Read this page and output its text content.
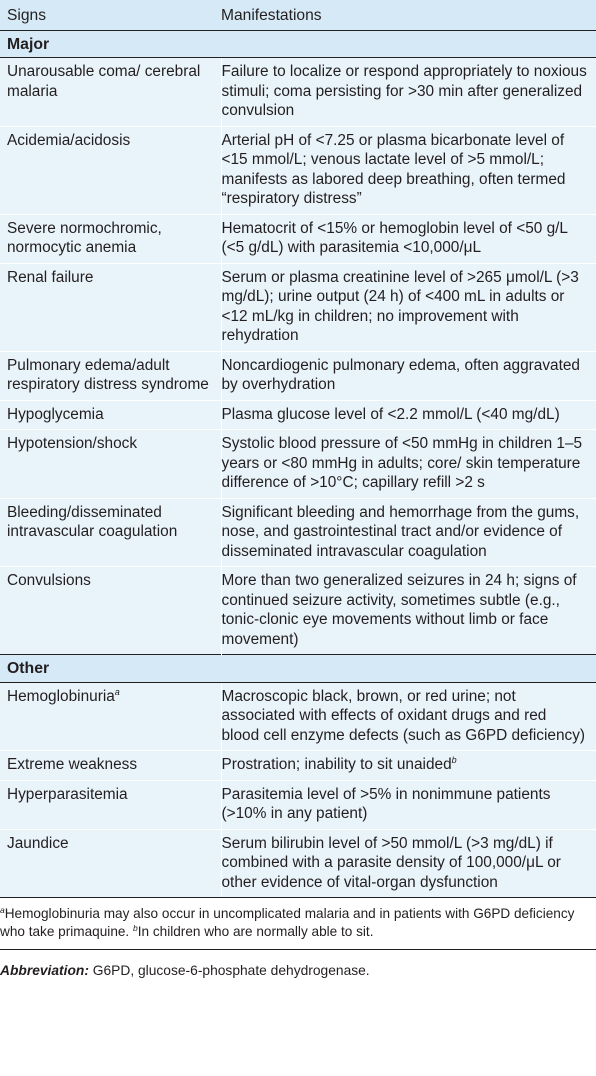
Signs	Manifestations
Major	
Unarousable coma/ cerebral malaria	Failure to localize or respond appropriately to noxious stimuli; coma persisting for >30 min after generalized convulsion
Acidemia/acidosis	Arterial pH of <7.25 or plasma bicarbonate level of <15 mmol/L; venous lactate level of >5 mmol/L; manifests as labored deep breathing, often termed “respiratory distress”
Severe normochromic, normocytic anemia	Hematocrit of <15% or hemoglobin level of <50 g/L (<5 g/dL) with parasitemia <10,000/μL
Renal failure	Serum or plasma creatinine level of >265 μmol/L (>3 mg/dL); urine output (24 h) of <400 mL in adults or <12 mL/kg in children; no improvement with rehydration
Pulmonary edema/adult respiratory distress syndrome	Noncardiogenic pulmonary edema, often aggravated by overhydration
Hypoglycemia	Plasma glucose level of <2.2 mmol/L (<40 mg/dL)
Hypotension/shock	Systolic blood pressure of <50 mmHg in children 1–5 years or <80 mmHg in adults; core/ skin temperature difference of >10°C; capillary refill >2 s
Bleeding/disseminated intravascular coagulation	Significant bleeding and hemorrhage from the gums, nose, and gastrointestinal tract and/or evidence of disseminated intravascular coagulation
Convulsions	More than two generalized seizures in 24 h; signs of continued seizure activity, sometimes subtle (e.g., tonic-clonic eye movements without limb or face movement)
Other	
Hemoglobinuria$^a$	Macroscopic black, brown, or red urine; not associated with effects of oxidant drugs and red blood cell enzyme defects (such as G6PD deficiency)
Extreme weakness	Prostration; inability to sit unaided$^b$
Hyperparasitemia	Parasitemia level of >5% in nonimmune patients (>10% in any patient)
Jaundice	Serum bilirubin level of >50 mmol/L (>3 mg/dL) if combined with a parasite density of 100,000/μL or other evidence of vital-organ dysfunction
$^a$Hemoglobinuria may also occur in uncomplicated malaria and in patients with G6PD deficiency who take primaquine. $^b$In children who are normally able to sit.
Abbreviation: G6PD, glucose-6-phosphate dehydrogenase.
